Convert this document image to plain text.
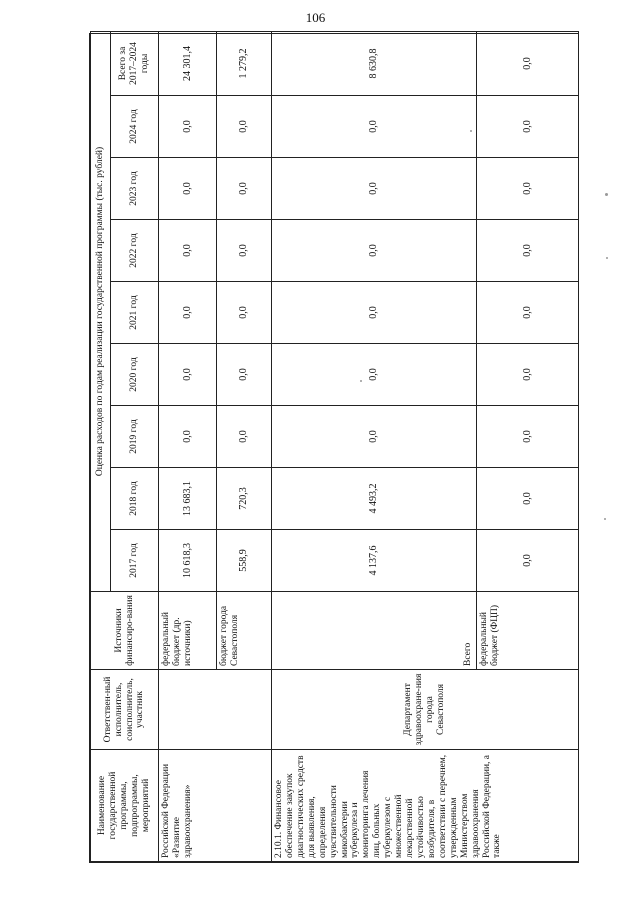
106
Наименование государственной программы, подпрограммы, мероприятий	Ответствен-ный исполнитель, соисполнитель, участник	Источники финансиро-вания	Оценка расходов по годам реализации государственной программы (тыс. рублей)								
			2017 год	2018 год	2019 год	2020 год	2021 год	2022 год	2023 год	2024 год	Всего за 2017–2024 годы
Российской Федерации «Развитие здравоохранения»		федеральный бюджет (др. источники)	10 618,3	13 683,1	0,0	0,0	0,0	0,0	0,0	0,0	24 301,4
		бюджет города Севастополя	558,9	720,3	0,0	0,0	0,0	0,0	0,0	0,0	1 279,2
2.10.1. Финансовое обеспечение закупок диагностических средств для выявления, определения чувствительности микобактерии туберкулеза и мониторинга лечения лиц, больных туберкулезом с множественной лекарственной устойчивостью возбудителя, в соответствии с перечнем, утвержденным Министерством здравоохранения Российской Федерации, а также	Департамент здравоохране-ния города Севастополя	Всего	4 137,6	4 493,2	0,0	0,0	0,0	0,0	0,0	0,0	8 630,8
		федеральный бюджет (ФЦП)	0,0	0,0	0,0	0,0	0,0	0,0	0,0	0,0	0,0
